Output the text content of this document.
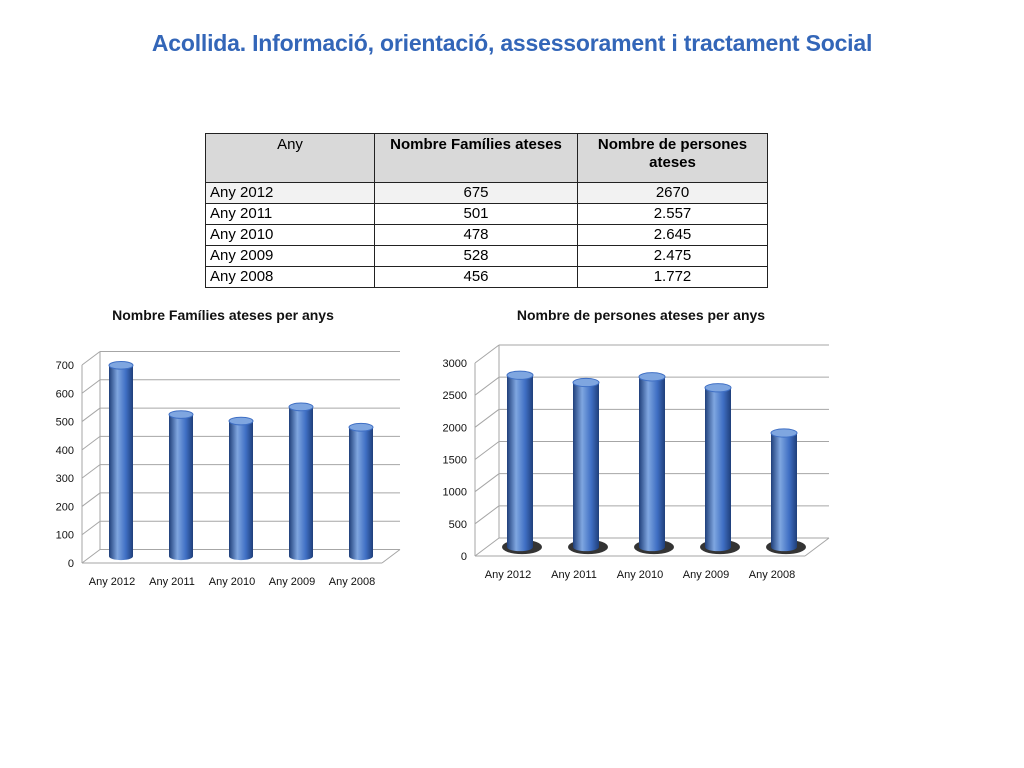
Acollida. Informació, orientació, assessorament i tractament Social
Any	Nombre Famílies ateses	Nombre de persones ateses
Any 2012	675	2670
Any 2011	501	2.557
Any 2010	478	2.645
Any 2009	528	2.475
Any 2008	456	1.772
Nombre Famílies ateses per anys
0
100
200
300
400
500
600
700
Any 2012 Any 2011 Any 2010 Any 2009 Any 2008
Nombre de persones ateses per anys
0
500
1000
1500
2000
2500
3000
Any 2012 Any 2011 Any 2010 Any 2009 Any 2008
